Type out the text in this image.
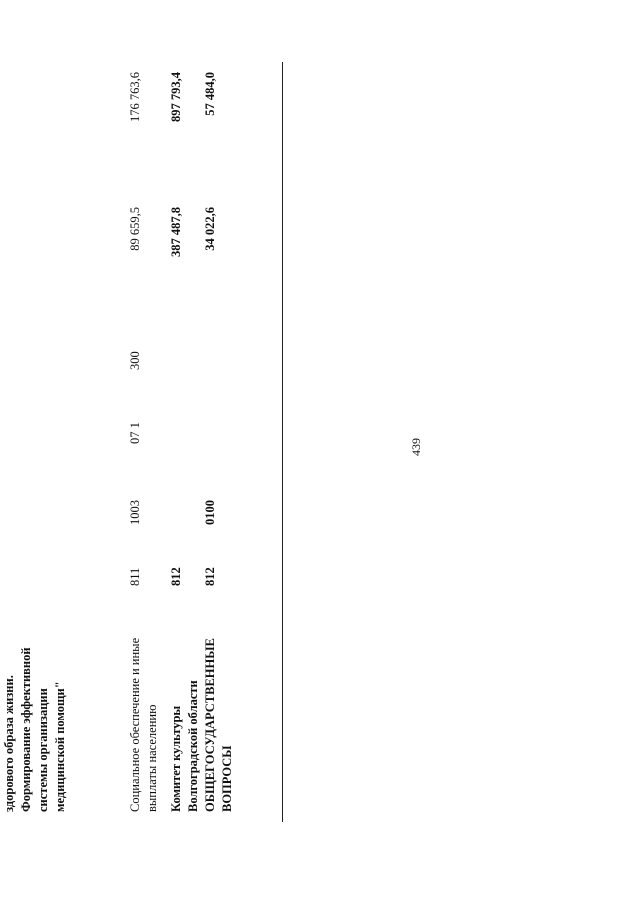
439
здорового образа жизни. Формирование эффективной системы организации медицинской помощи"	Социальное обеспечение и иные выплаты населению
811
1003
07 1
300
89 659,5
176 763,6
Комитет культуры Волгоградской области
812
387 487,8
897 793,4
ОБЩЕГОСУДАРСТВЕННЫЕ ВОПРОСЫ
812
0100
34 022,6
57 484,0
